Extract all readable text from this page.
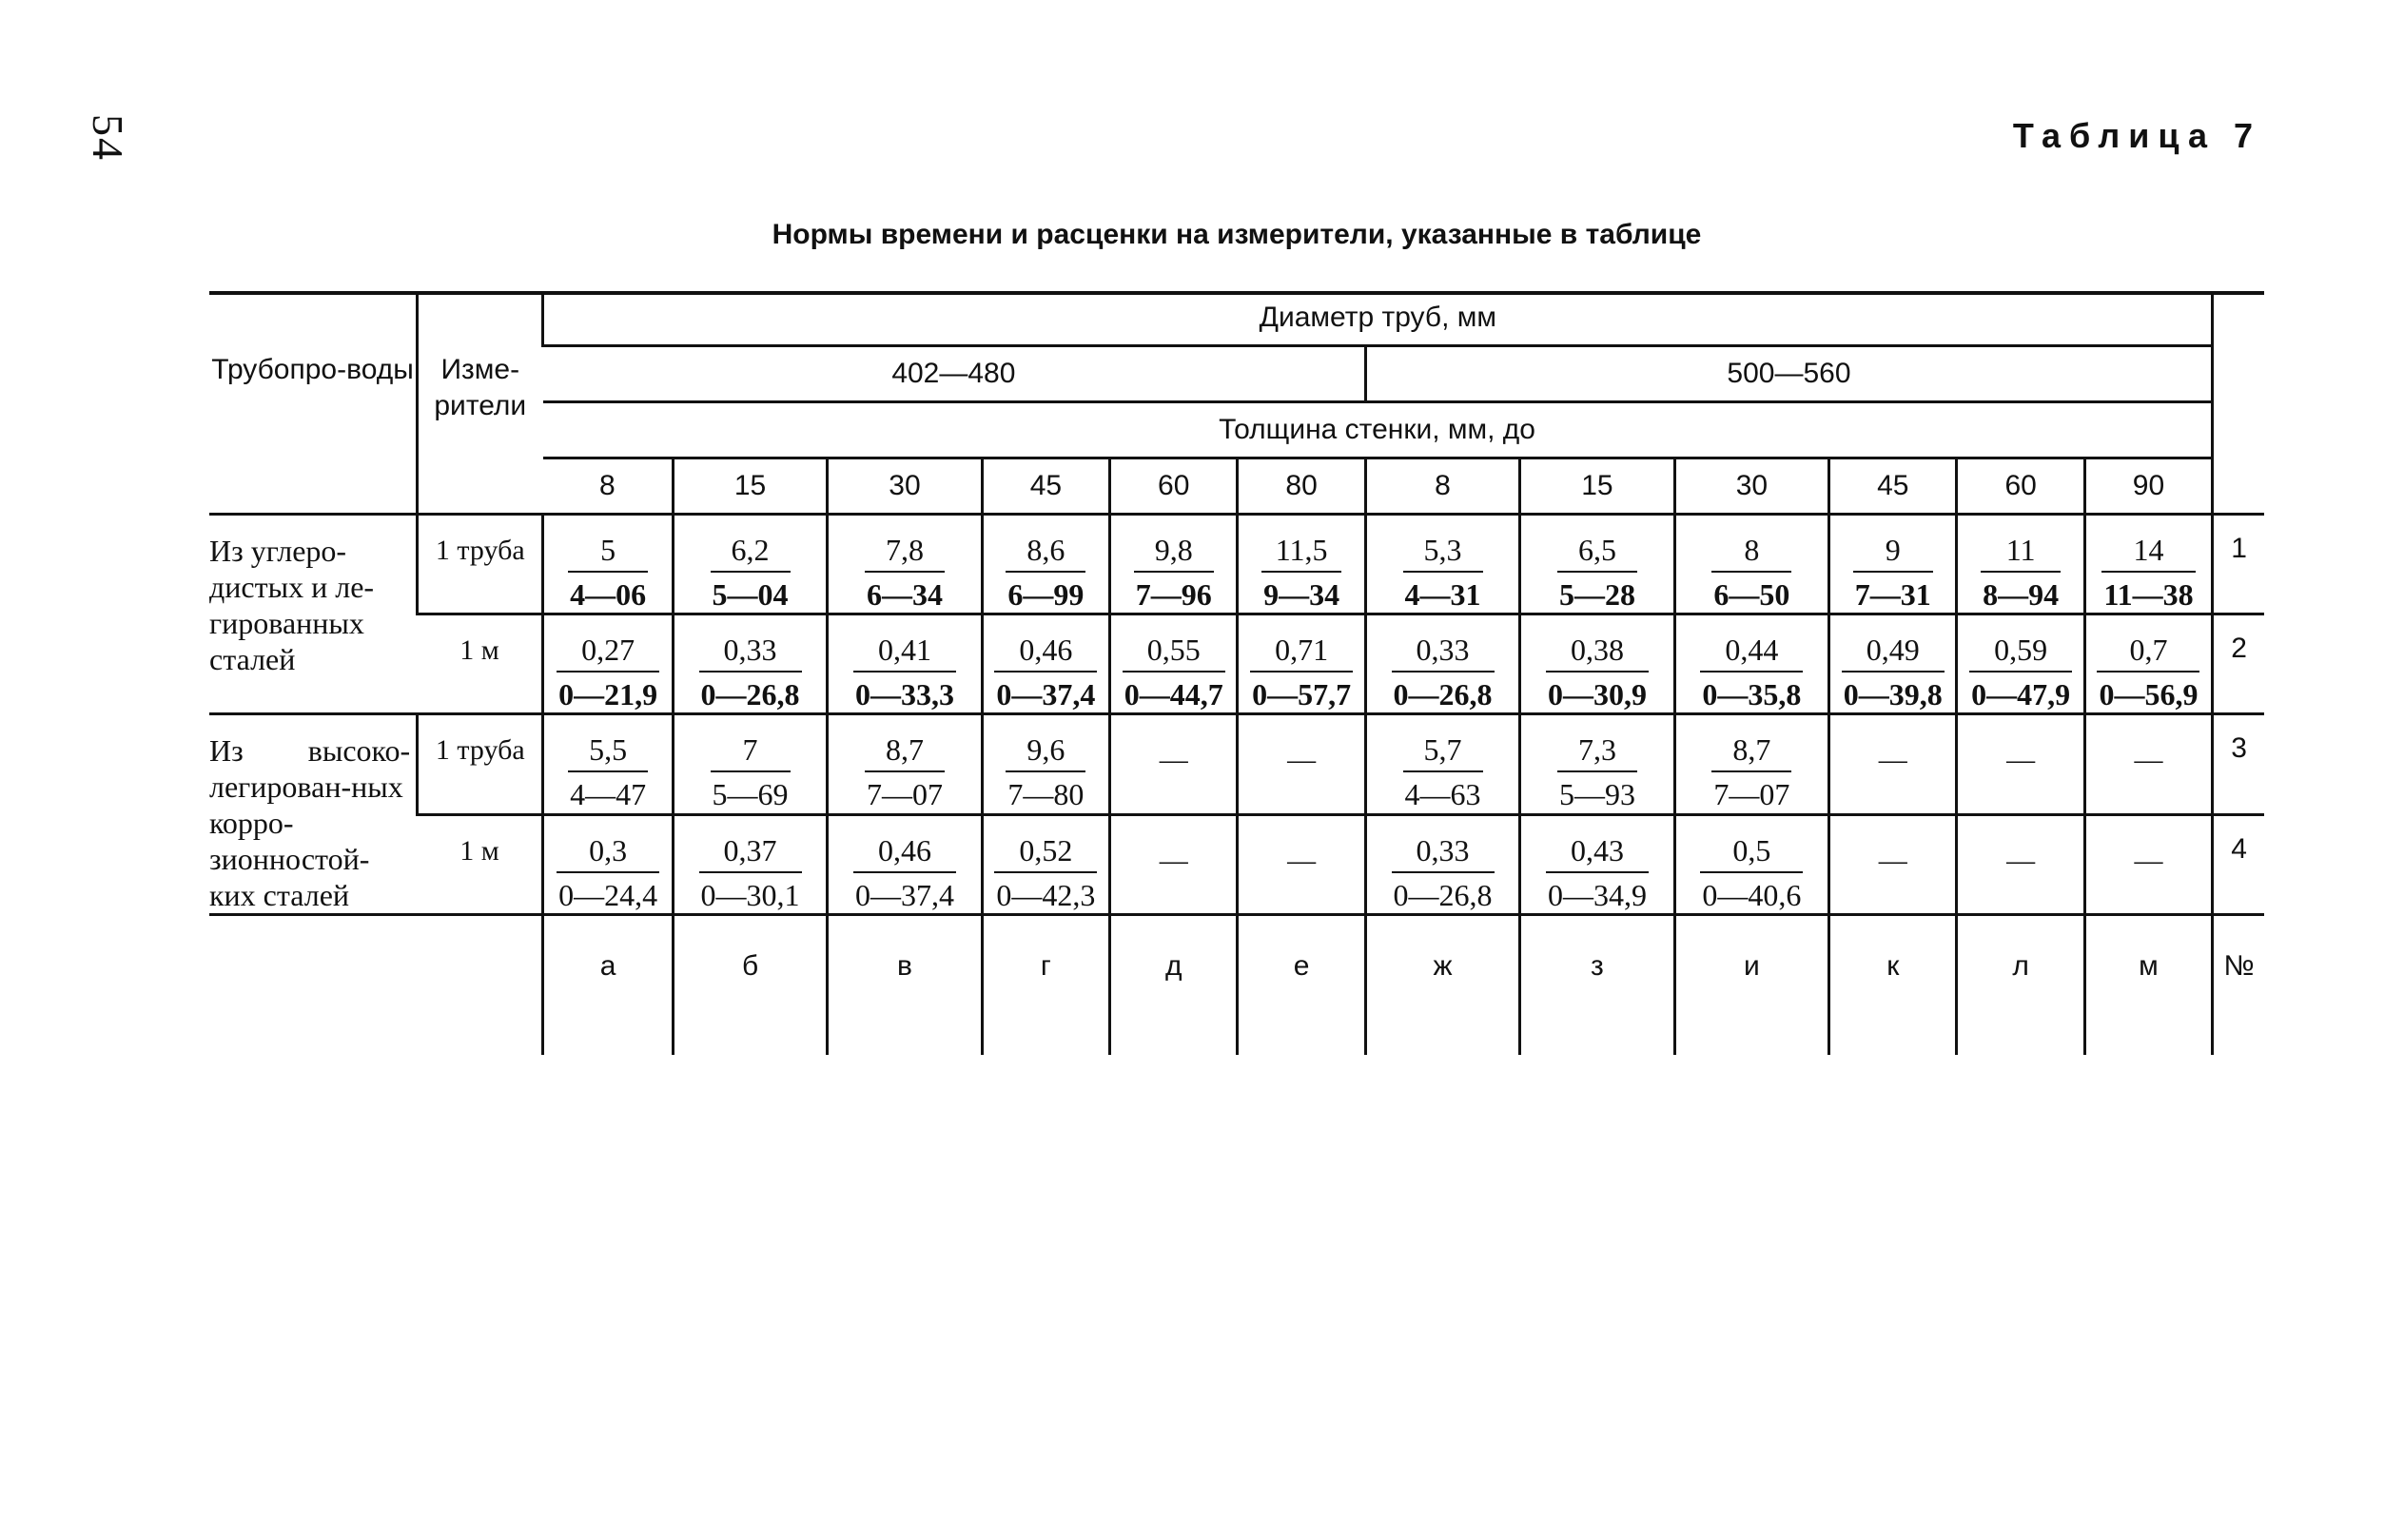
54	Таблица 7
Нормы времени и расценки на измерители, указанные в таблице
Трубопро-воды	Изме-рители	Диаметр труб, мм												
		402—480						500—560						
		Толщина стенки, мм, до												
		8	15	30	45	60	80	8	15	30	45	60	90	
Из углеро-дистых и ле-гированных сталей	1 труба	$\frac{5}{4—06}$	$\frac{6,2}{5—04}$	$\frac{7,8}{6—34}$	$\frac{8,6}{6—99}$	$\frac{9,8}{7—96}$	$\frac{11,5}{9—34}$	$\frac{5,3}{4—31}$	$\frac{6,5}{5—28}$	$\frac{8}{6—50}$	$\frac{9}{7—31}$	$\frac{11}{8—94}$	$\frac{14}{11—38}$	1
	1 м	$\frac{0,27}{0—21,9}$	$\frac{0,33}{0—26,8}$	$\frac{0,41}{0—33,3}$	$\frac{0,46}{0—37,4}$	$\frac{0,55}{0—44,7}$	$\frac{0,71}{0—57,7}$	$\frac{0,33}{0—26,8}$	$\frac{0,38}{0—30,9}$	$\frac{0,44}{0—35,8}$	$\frac{0,49}{0—39,8}$	$\frac{0,59}{0—47,9}$	$\frac{0,7}{0—56,9}$	2
Из высоко-легирован-ных корро-зионностой-ких сталей	1 труба	$\frac{5,5}{4—47}$	$\frac{7}{5—69}$	$\frac{8,7}{7—07}$	$\frac{9,6}{7—80}$	—	—	$\frac{5,7}{4—63}$	$\frac{7,3}{5—93}$	$\frac{8,7}{7—07}$	—	—	—	3
	1 м	$\frac{0,3}{0—24,4}$	$\frac{0,37}{0—30,1}$	$\frac{0,46}{0—37,4}$	$\frac{0,52}{0—42,3}$	—	—	$\frac{0,33}{0—26,8}$	$\frac{0,43}{0—34,9}$	$\frac{0,5}{0—40,6}$	—	—	—	4
		а	б	в	г	д	е	ж	з	и	к	л	м	№
